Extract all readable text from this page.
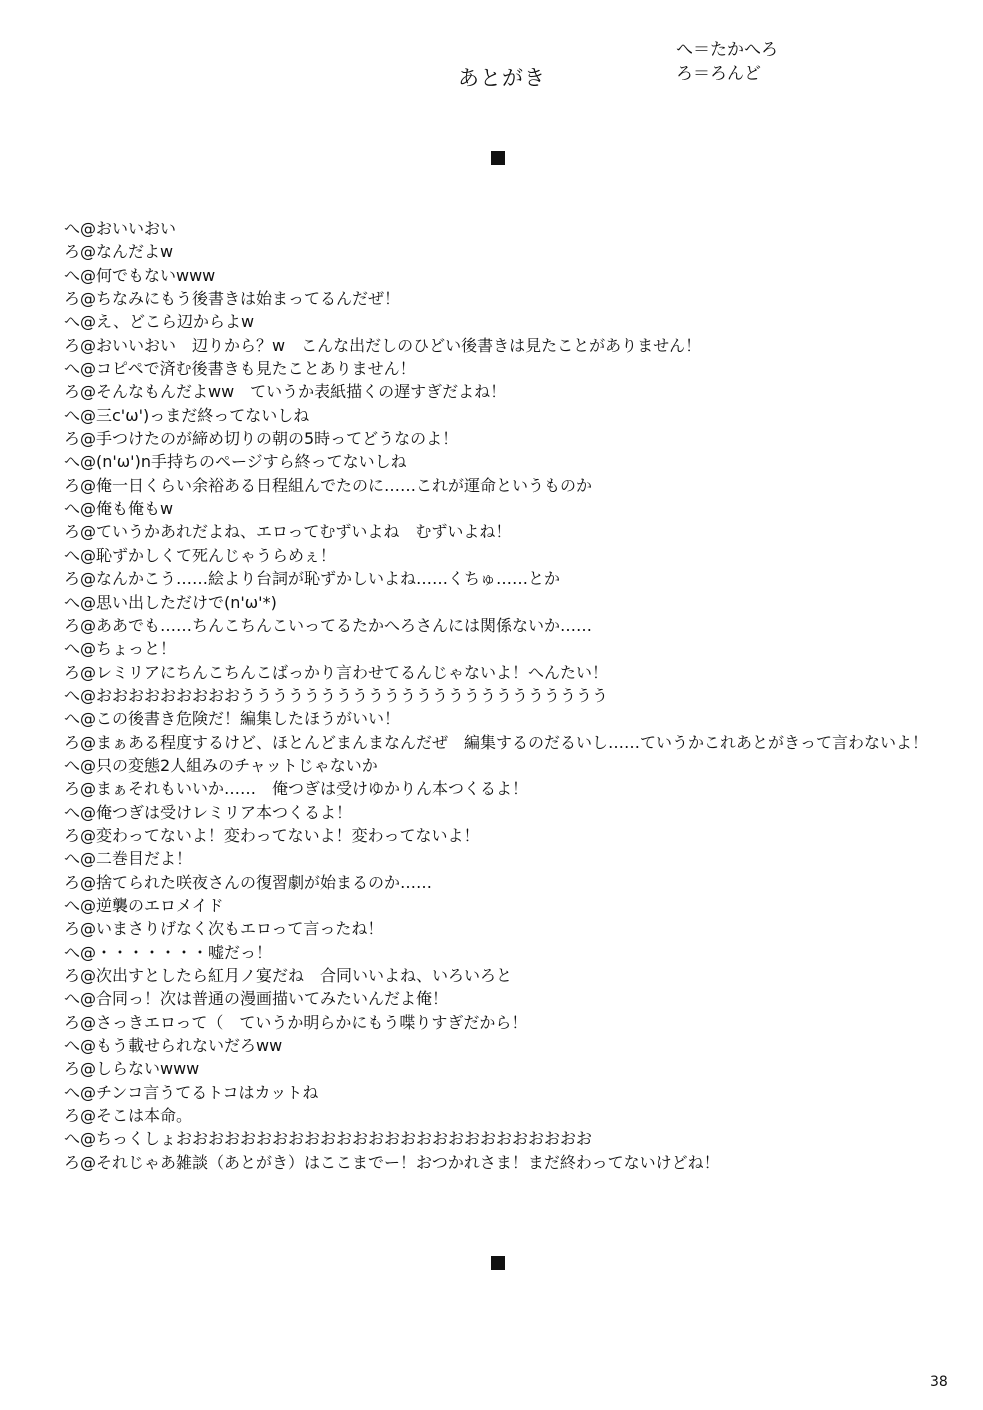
あとがき
へ＝たかへろ
ろ＝ろんど
へ@おいいおい
ろ@なんだよw
へ@何でもないwww
ろ@ちなみにもう後書きは始まってるんだぜ！
へ@え、どこら辺からよw
ろ@おいいおい　辺りから？w　こんな出だしのひどい後書きは見たことがありません！
へ@コピペで済む後書きも見たことありません！
ろ@そんなもんだよww　ていうか表紙描くの遅すぎだよね！
へ@三c'ω')っまだ終ってないしね
ろ@手つけたのが締め切りの朝の5時ってどうなのよ！
へ@(n'ω')n手持ちのページすら終ってないしね
ろ@俺一日くらい余裕ある日程組んでたのに……これが運命というものか
へ@俺も俺もw
ろ@ていうかあれだよね、エロってむずいよね　むずいよね！
へ@恥ずかしくて死んじゃうらめぇ！
ろ@なんかこう……絵より台詞が恥ずかしいよね……くちゅ……とか
へ@思い出しただけで(n'ω'*)
ろ@ああでも……ちんこちんこいってるたかへろさんには関係ないか……
へ@ちょっと！
ろ@レミリアにちんこちんこばっかり言わせてるんじゃないよ！へんたい！
へ@おおおおおおおおおううううううううううううううううううううううう
へ@この後書き危険だ！編集したほうがいい！
ろ@まぁある程度するけど、ほとんどまんまなんだぜ　編集するのだるいし……ていうかこれあとがきって言わないよ！
へ@只の変態2人組みのチャットじゃないか
ろ@まぁそれもいいか……　俺つぎは受けゆかりん本つくるよ！
へ@俺つぎは受けレミリア本つくるよ！
ろ@変わってないよ！変わってないよ！変わってないよ！
へ@二巻目だよ！
ろ@捨てられた咲夜さんの復習劇が始まるのか……
へ@逆襲のエロメイド
ろ@いまさりげなく次もエロって言ったね！
へ@・・・・・・・嘘だっ！
ろ@次出すとしたら紅月ノ宴だね　合同いいよね、いろいろと
へ@合同っ！次は普通の漫画描いてみたいんだよ俺！
ろ@さっきエロって（　ていうか明らかにもう喋りすぎだから！
へ@もう載せられないだろww
ろ@しらないwww
へ@チンコ言うてるトコはカットね
ろ@そこは本命。
へ@ちっくしょおおおおおおおおおおおおおおおおおおおおおおおおおお
ろ@それじゃあ雑談（あとがき）はここまでー！おつかれさま！まだ終わってないけどね！
38
